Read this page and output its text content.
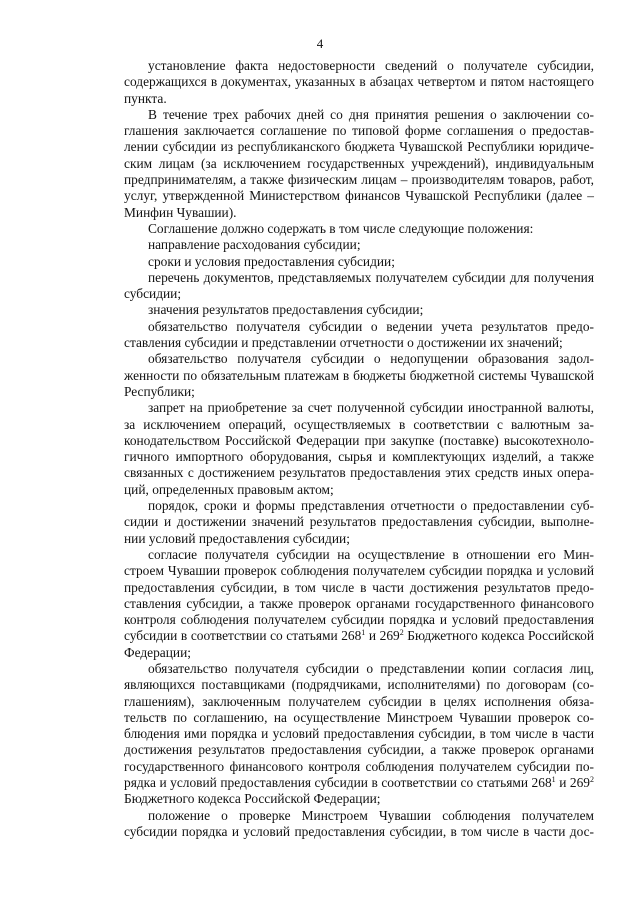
4

установление факта недостоверности сведений о получателе субсидии, содержащихся в документах, указанных в абзацах четвертом и пятом настоящего пункта.

В течение трех рабочих дней со дня принятия решения о заключении соглашения заключается соглашение по типовой форме соглашения о предоставлении субсидии из республиканского бюджета Чувашской Республики юридическим лицам (за исключением государственных учреждений), индивидуальным предпринимателям, а также физическим лицам – производителям товаров, работ, услуг, утвержденной Министерством финансов Чувашской Республики (далее – Минфин Чувашии).

Соглашение должно содержать в том числе следующие положения:

направление расходования субсидии;

сроки и условия предоставления субсидии;

перечень документов, представляемых получателем субсидии для получения субсидии;

значения результатов предоставления субсидии;

обязательство получателя субсидии о ведении учета результатов предоставления субсидии и представлении отчетности о достижении их значений;

обязательство получателя субсидии о недопущении образования задолженности по обязательным платежам в бюджеты бюджетной системы Чувашской Республики;

запрет на приобретение за счет полученной субсидии иностранной валюты, за исключением операций, осуществляемых в соответствии с валютным законодательством Российской Федерации при закупке (поставке) высокотехнологичного импортного оборудования, сырья и комплектующих изделий, а также связанных с достижением результатов предоставления этих средств иных операций, определенных правовым актом;

порядок, сроки и формы представления отчетности о предоставлении субсидии и достижении значений результатов предоставления субсидии, выполнении условий предоставления субсидии;

согласие получателя субсидии на осуществление в отношении его Минстроем Чувашии проверок соблюдения получателем субсидии порядка и условий предоставления субсидии, в том числе в части достижения результатов предоставления субсидии, а также проверок органами государственного финансового контроля соблюдения получателем субсидии порядка и условий предоставления субсидии в соответствии со статьями $268^1$ и $269^2$ Бюджетного кодекса Российской Федерации;

обязательство получателя субсидии о представлении копии согласия лиц, являющихся поставщиками (подрядчиками, исполнителями) по договорам (соглашениям), заключенным получателем субсидии в целях исполнения обязательств по соглашению, на осуществление Минстроем Чувашии проверок соблюдения ими порядка и условий предоставления субсидии, в том числе в части достижения результатов предоставления субсидии, а также проверок органами государственного финансового контроля соблюдения получателем субсидии порядка и условий предоставления субсидии в соответствии со статьями $268^1$ и $269^2$ Бюджетного кодекса Российской Федерации;

положение о проверке Минстроем Чувашии соблюдения получателем субсидии порядка и условий предоставления субсидии, в том числе в части дос-
